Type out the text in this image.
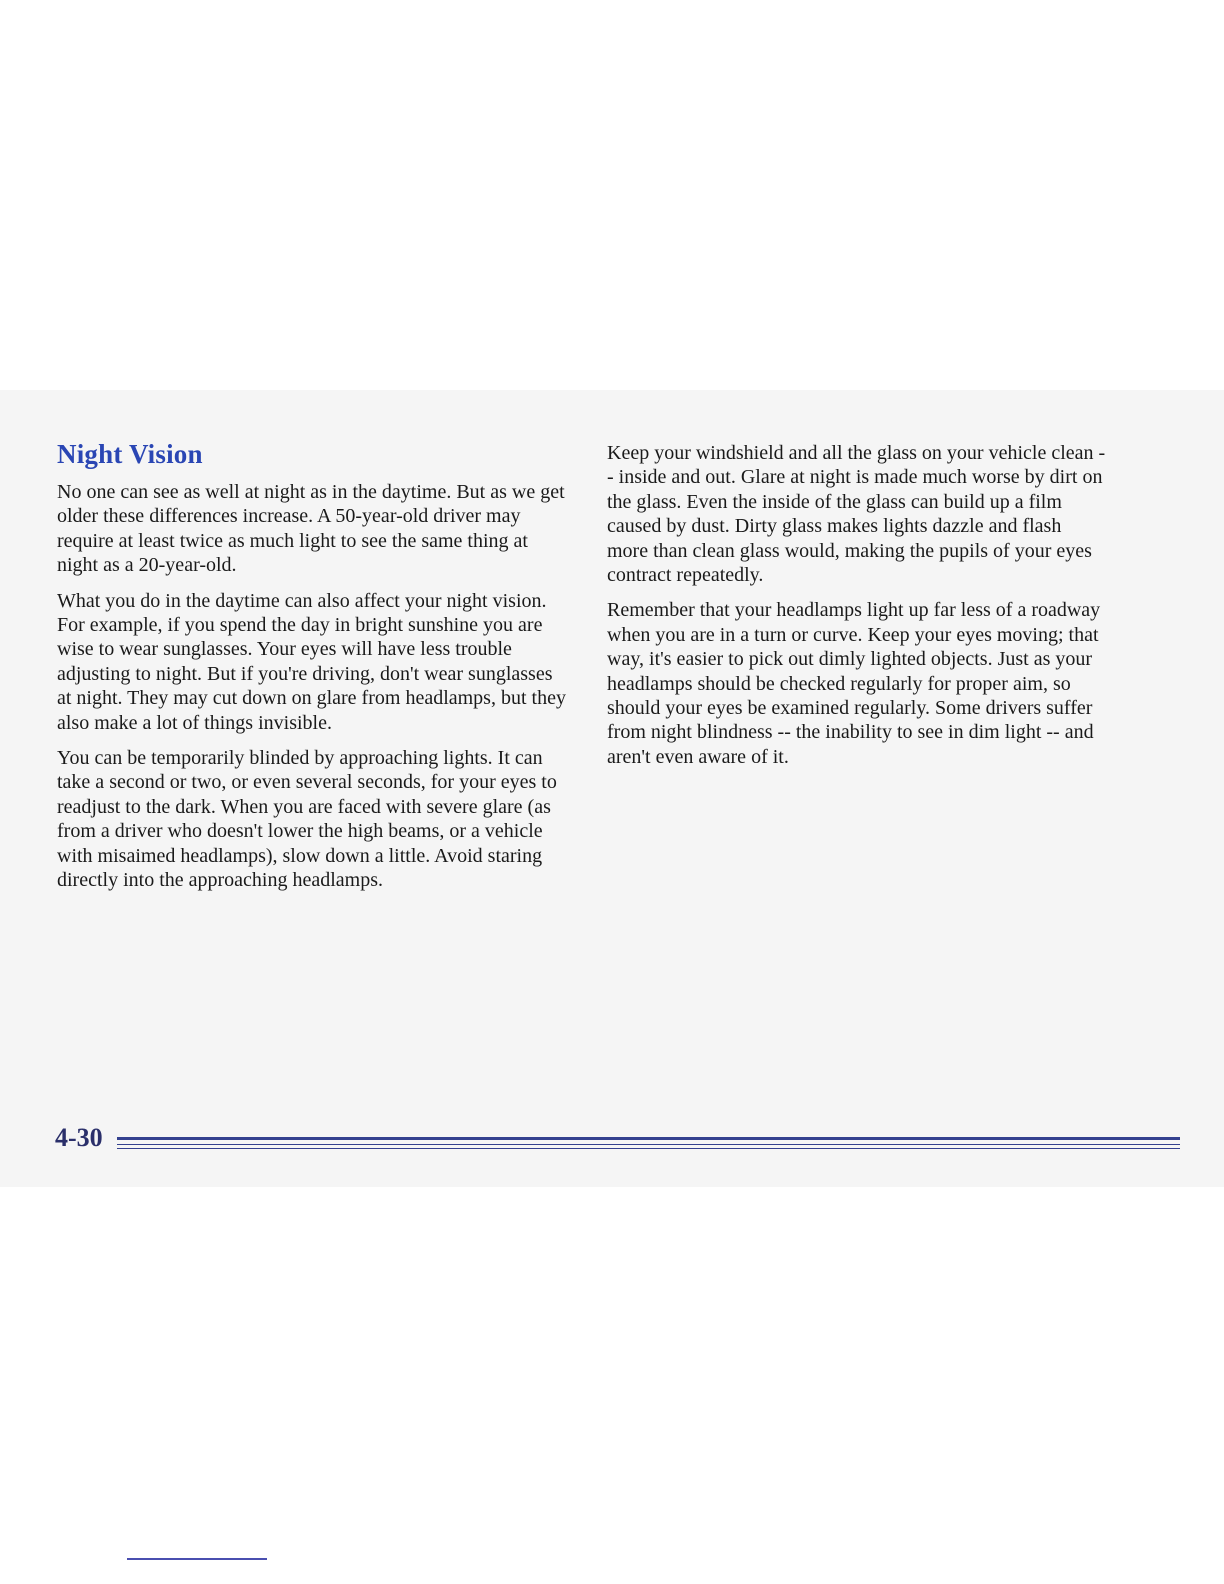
Night Vision

No one can see as well at night as in the daytime. But as we get older these differences increase. A 50-year-old driver may require at least twice as much light to see the same thing at night as a 20-year-old.

What you do in the daytime can also affect your night vision. For example, if you spend the day in bright sunshine you are wise to wear sunglasses. Your eyes will have less trouble adjusting to night. But if you're driving, don't wear sunglasses at night. They may cut down on glare from headlamps, but they also make a lot of things invisible.

You can be temporarily blinded by approaching lights. It can take a second or two, or even several seconds, for your eyes to readjust to the dark. When you are faced with severe glare (as from a driver who doesn't lower the high beams, or a vehicle with misaimed headlamps), slow down a little. Avoid staring directly into the approaching headlamps.

Keep your windshield and all the glass on your vehicle clean -- inside and out. Glare at night is made much worse by dirt on the glass. Even the inside of the glass can build up a film caused by dust. Dirty glass makes lights dazzle and flash more than clean glass would, making the pupils of your eyes contract repeatedly.

Remember that your headlamps light up far less of a roadway when you are in a turn or curve. Keep your eyes moving; that way, it's easier to pick out dimly lighted objects. Just as your headlamps should be checked regularly for proper aim, so should your eyes be examined regularly. Some drivers suffer from night blindness -- the inability to see in dim light -- and aren't even aware of it.

4-30
